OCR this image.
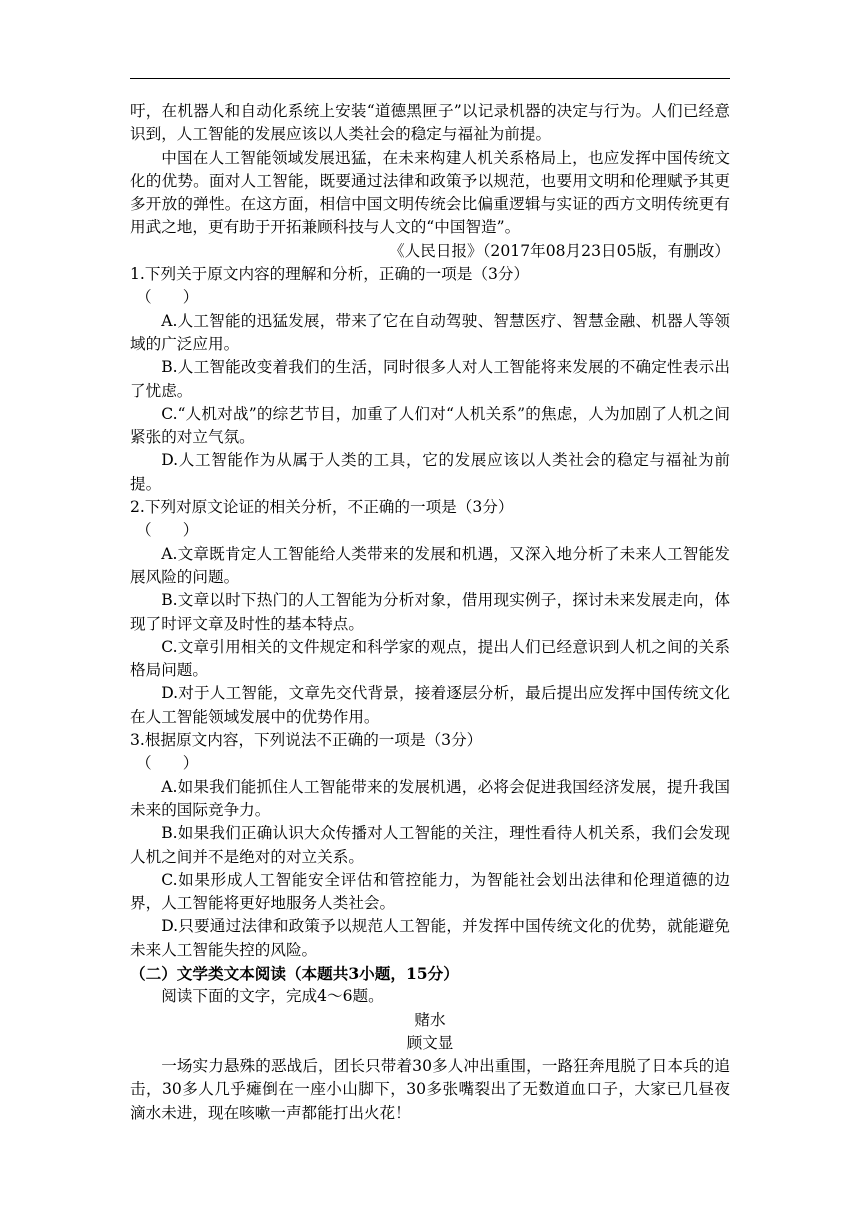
吁，在机器人和自动化系统上安装“道德黑匣子”以记录机器的决定与行为。人们已经意识到，人工智能的发展应该以人类社会的稳定与福祉为前提。

中国在人工智能领域发展迅猛，在未来构建人机关系格局上，也应发挥中国传统文化的优势。面对人工智能，既要通过法律和政策予以规范，也要用文明和伦理赋予其更多开放的弹性。在这方面，相信中国文明传统会比偏重逻辑与实证的西方文明传统更有用武之地，更有助于开拓兼顾科技与人文的“中国智造”。

《人民日报》（2017年08月23日05版，有删改）

1.下列关于原文内容的理解和分析，正确的一项是（3分）

（　　）

A.人工智能的迅猛发展，带来了它在自动驾驶、智慧医疗、智慧金融、机器人等领域的广泛应用。

B.人工智能改变着我们的生活，同时很多人对人工智能将来发展的不确定性表示出了忧虑。

C.“人机对战”的综艺节目，加重了人们对“人机关系”的焦虑，人为加剧了人机之间紧张的对立气氛。

D.人工智能作为从属于人类的工具，它的发展应该以人类社会的稳定与福祉为前提。

2.下列对原文论证的相关分析，不正确的一项是（3分）

（　　）

A.文章既肯定人工智能给人类带来的发展和机遇，又深入地分析了未来人工智能发展风险的问题。

B.文章以时下热门的人工智能为分析对象，借用现实例子，探讨未来发展走向，体现了时评文章及时性的基本特点。

C.文章引用相关的文件规定和科学家的观点，提出人们已经意识到人机之间的关系格局问题。

D.对于人工智能，文章先交代背景，接着逐层分析，最后提出应发挥中国传统文化在人工智能领域发展中的优势作用。

3.根据原文内容，下列说法不正确的一项是（3分）

（　　）

A.如果我们能抓住人工智能带来的发展机遇，必将会促进我国经济发展，提升我国未来的国际竞争力。

B.如果我们正确认识大众传播对人工智能的关注，理性看待人机关系，我们会发现人机之间并不是绝对的对立关系。

C.如果形成人工智能安全评估和管控能力，为智能社会划出法律和伦理道德的边界，人工智能将更好地服务人类社会。

D.只要通过法律和政策予以规范人工智能，并发挥中国传统文化的优势，就能避免未来人工智能失控的风险。

（二）文学类文本阅读（本题共3小题，15分）

阅读下面的文字，完成4～6题。

赌水

顾文显

一场实力悬殊的恶战后，团长只带着30多人冲出重围，一路狂奔甩脱了日本兵的追击，30多人几乎瘫倒在一座小山脚下，30多张嘴裂出了无数道血口子，大家已几昼夜滴水未进，现在咳嗽一声都能打出火花！
